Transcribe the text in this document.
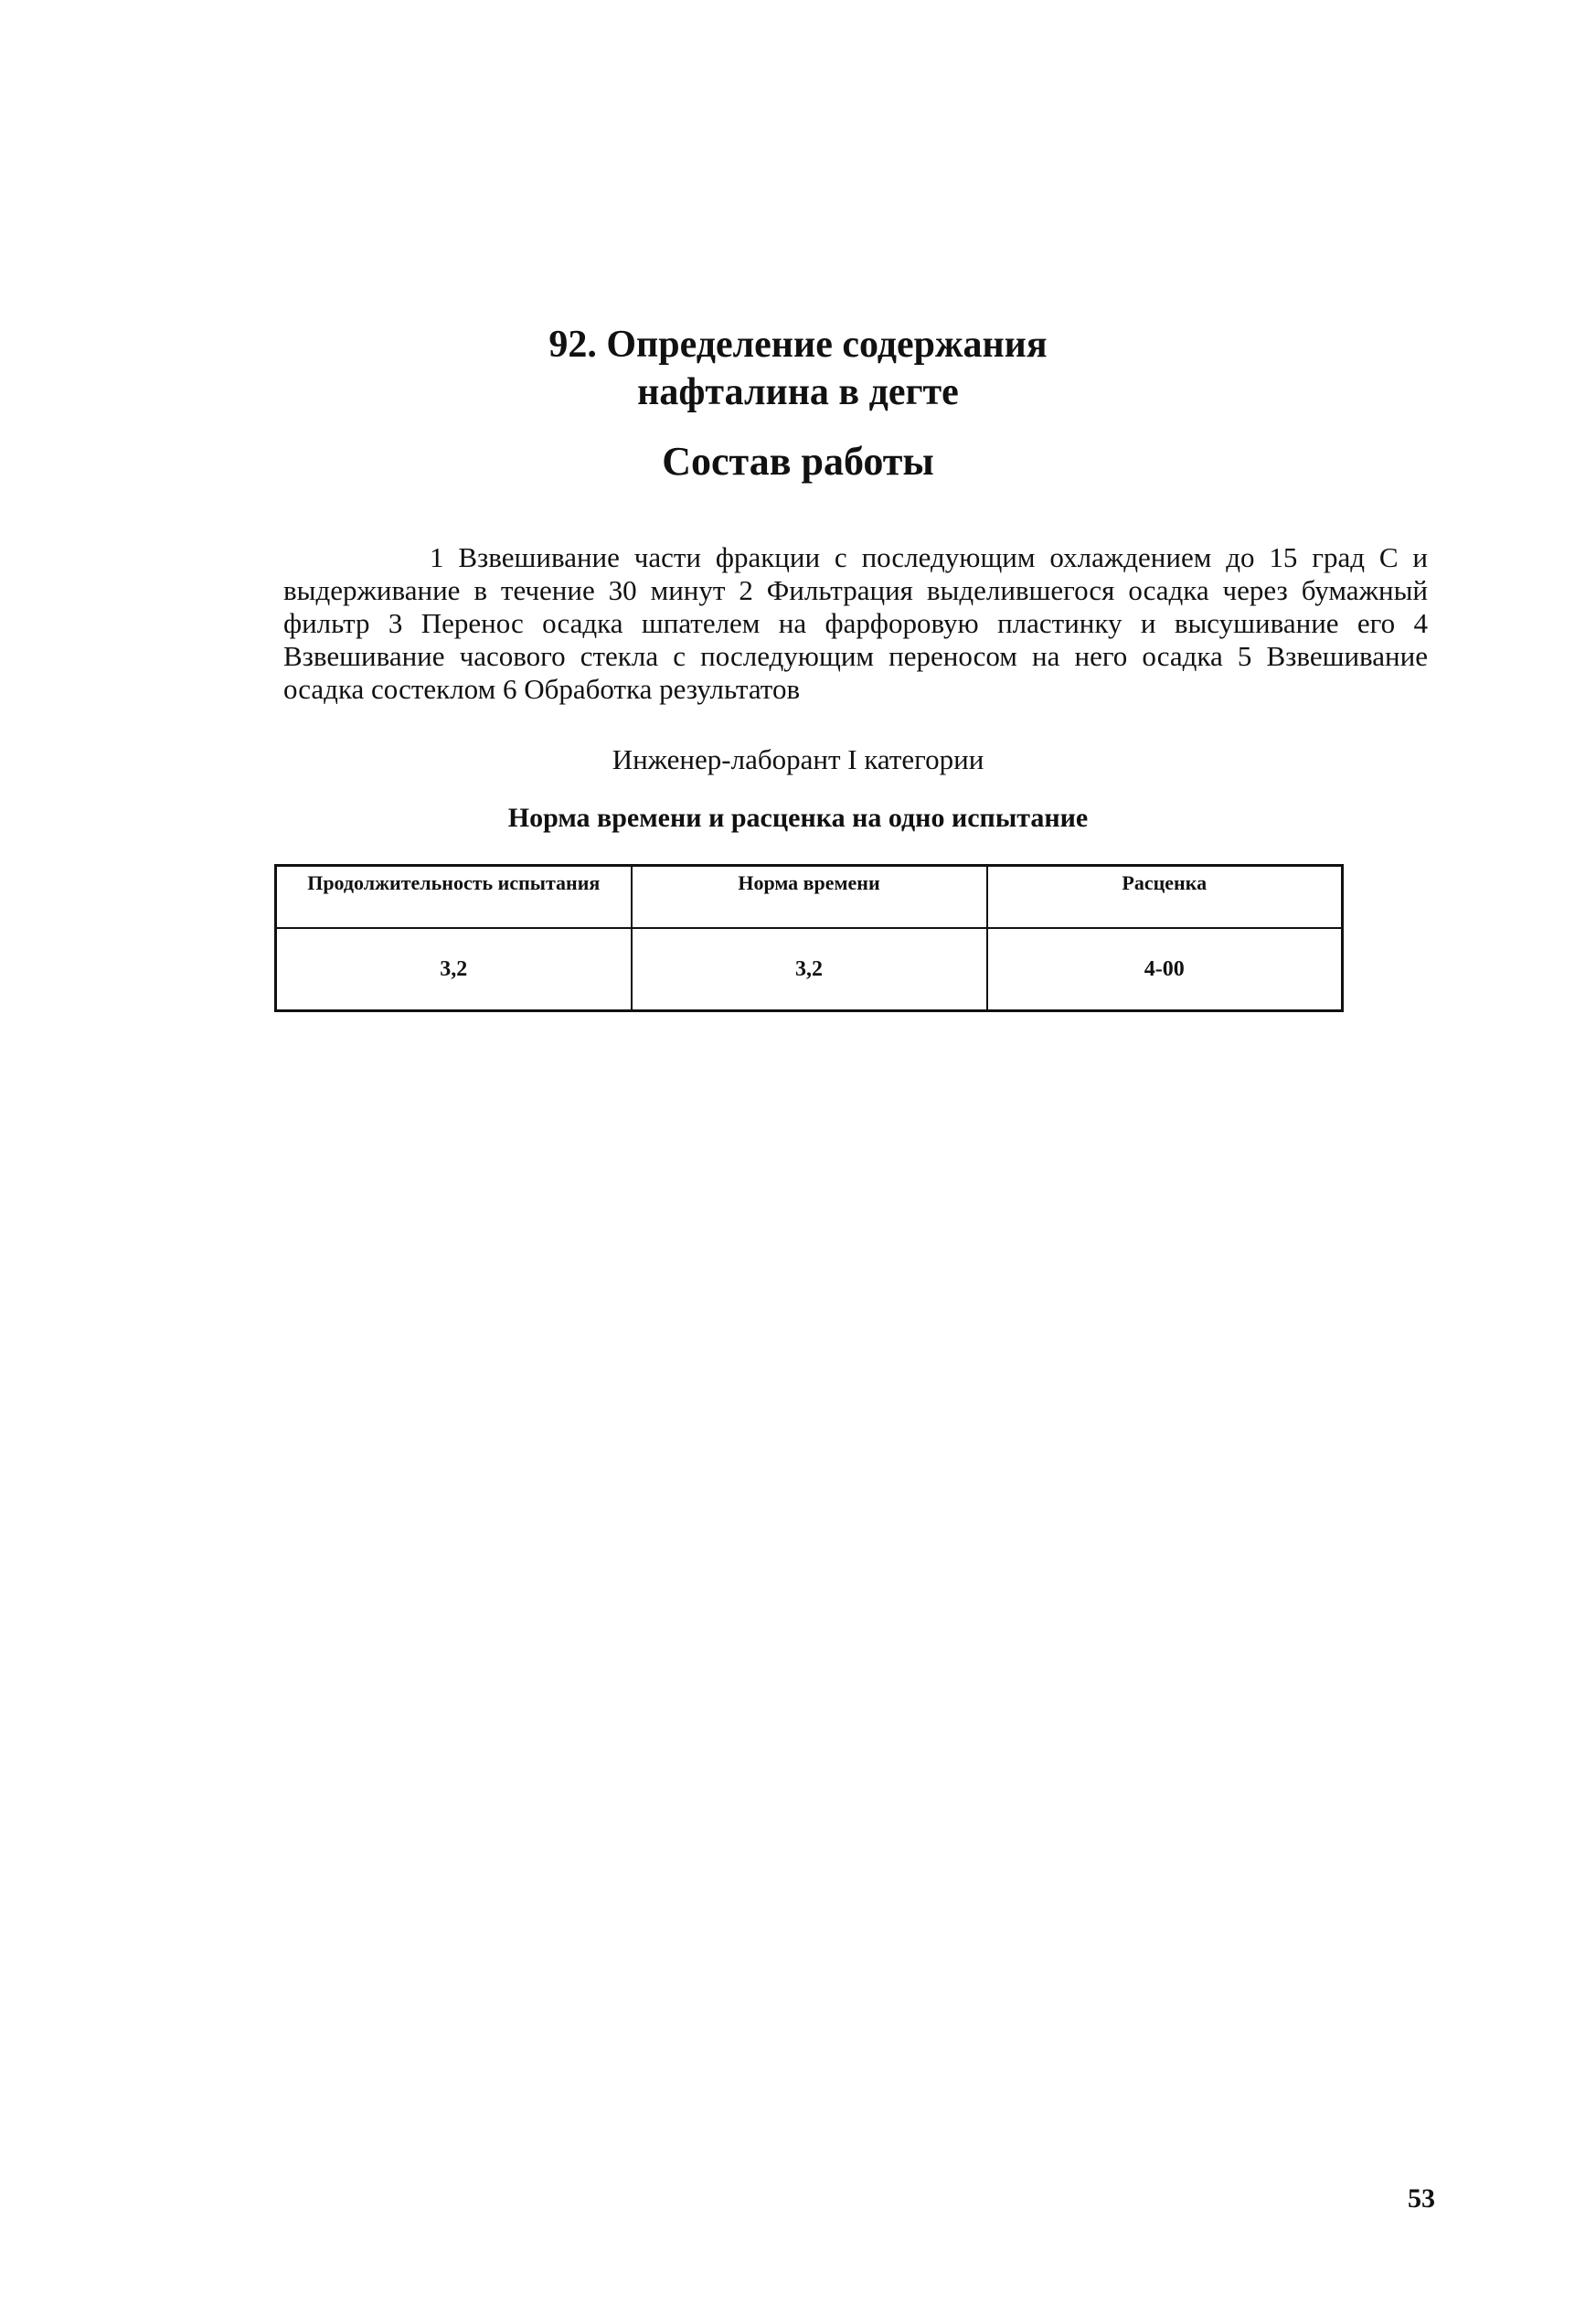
92. Определение содержания
нафталина в дегте
Состав работы

1 Взвешивание части фракции с последующим охлаждением до 15 град С и выдерживание в течение 30 минут 2 Фильтрация выделившегося осадка через бумажный фильтр 3 Перенос осадка шпателем на фарфоровую пластинку и высушивание его 4 Взвешивание часового стекла с последующим переносом на него осадка 5 Взвешивание осадка состеклом 6 Обработка результатов

Инженер-лаборант I категории

Норма времени и расценка на одно испытание

Продолжительность испытания	Норма времени	Расценка
3,2	3,2	4-00

53
